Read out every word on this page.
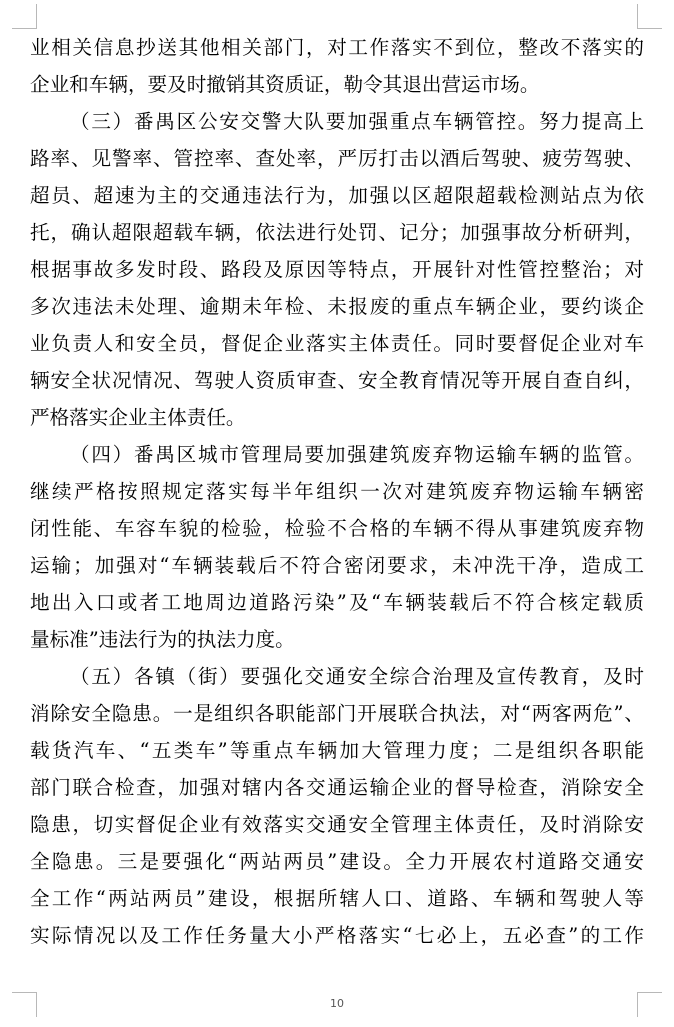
业相关信息抄送其他相关部门，对工作落实不到位，整改不落实的
企业和车辆，要及时撤销其资质证，勒令其退出营运市场。
（三）番禺区公安交警大队要加强重点车辆管控。努力提高上
路率、见警率、管控率、查处率，严厉打击以酒后驾驶、疲劳驾驶、
超员、超速为主的交通违法行为，加强以区超限超载检测站点为依
托，确认超限超载车辆，依法进行处罚、记分；加强事故分析研判，
根据事故多发时段、路段及原因等特点，开展针对性管控整治；对
多次违法未处理、逾期未年检、未报废的重点车辆企业，要约谈企
业负责人和安全员，督促企业落实主体责任。同时要督促企业对车
辆安全状况情况、驾驶人资质审查、安全教育情况等开展自查自纠，
严格落实企业主体责任。
（四）番禺区城市管理局要加强建筑废弃物运输车辆的监管。
继续严格按照规定落实每半年组织一次对建筑废弃物运输车辆密
闭性能、车容车貌的检验，检验不合格的车辆不得从事建筑废弃物
运输；加强对“车辆装载后不符合密闭要求，未冲洗干净，造成工
地出入口或者工地周边道路污染”及“车辆装载后不符合核定载质
量标准”违法行为的执法力度。
（五）各镇（街）要强化交通安全综合治理及宣传教育，及时
消除安全隐患。一是组织各职能部门开展联合执法，对“两客两危”、
载货汽车、“五类车”等重点车辆加大管理力度；二是组织各职能
部门联合检查，加强对辖内各交通运输企业的督导检查，消除安全
隐患，切实督促企业有效落实交通安全管理主体责任，及时消除安
全隐患。三是要强化“两站两员”建设。全力开展农村道路交通安
全工作“两站两员”建设，根据所辖人口、道路、车辆和驾驶人等
实际情况以及工作任务量大小严格落实“七必上，五必查”的工作
10
